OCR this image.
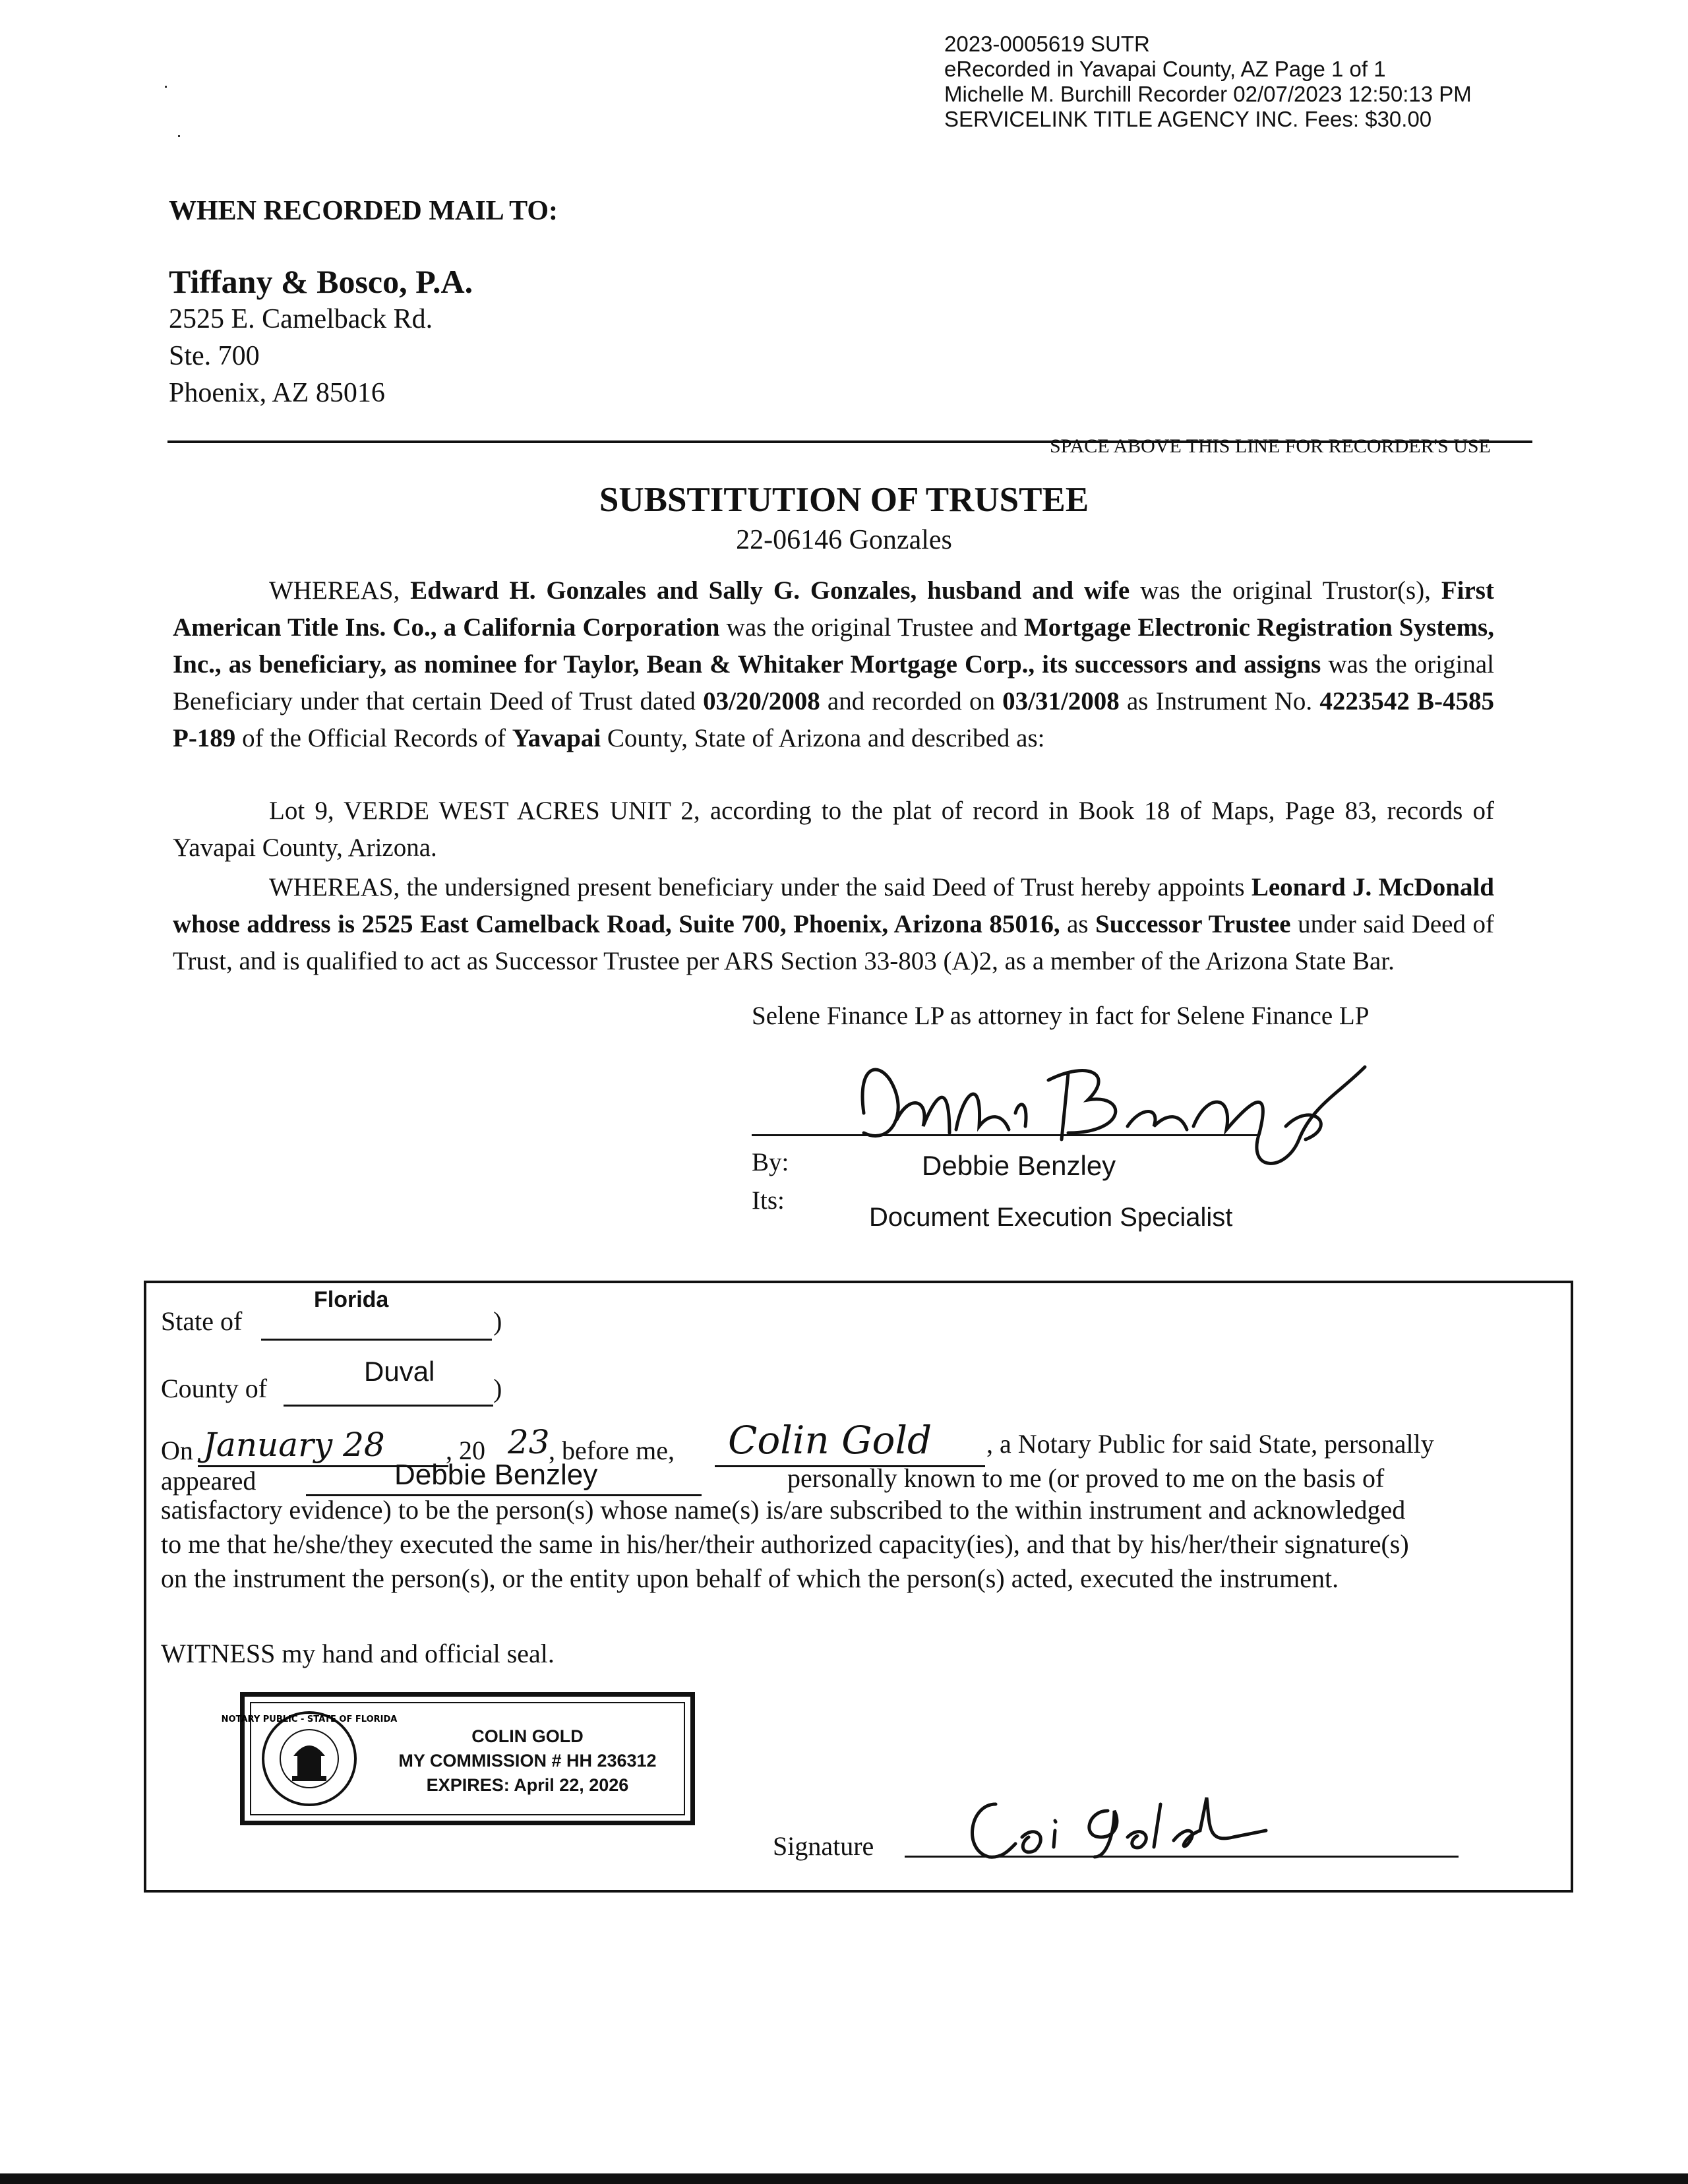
2023-0005619 SUTR
eRecorded in Yavapai County, AZ Page 1 of 1
Michelle M. Burchill Recorder 02/07/2023 12:50:13 PM
SERVICELINK TITLE AGENCY INC. Fees: $30.00
WHEN RECORDED MAIL TO:
Tiffany & Bosco, P.A.
2525 E. Camelback Rd.
Ste. 700
Phoenix, AZ 85016
SPACE ABOVE THIS LINE FOR RECORDER'S USE
SUBSTITUTION OF TRUSTEE
22-06146 Gonzales

WHEREAS, Edward H. Gonzales and Sally G. Gonzales, husband and wife was the original Trustor(s), First American Title Ins. Co., a California Corporation was the original Trustee and Mortgage Electronic Registration Systems, Inc., as beneficiary, as nominee for Taylor, Bean & Whitaker Mortgage Corp., its successors and assigns was the original Beneficiary under that certain Deed of Trust dated 03/20/2008 and recorded on 03/31/2008 as Instrument No. 4223542 B-4585 P-189 of the Official Records of Yavapai County, State of Arizona and described as:

Lot 9, VERDE WEST ACRES UNIT 2, according to the plat of record in Book 18 of Maps, Page 83, records of Yavapai County, Arizona.

WHEREAS, the undersigned present beneficiary under the said Deed of Trust hereby appoints Leonard J. McDonald whose address is 2525 East Camelback Road, Suite 700, Phoenix, Arizona 85016, as Successor Trustee under said Deed of Trust, and is qualified to act as Successor Trustee per ARS Section 33-803 (A)2, as a member of the Arizona State Bar.

Selene Finance LP as attorney in fact for Selene Finance LP
By:
Its:
Debbie Benzley
Document Execution Specialist
State of
Florida
)
County of
Duval
)
On January 28 , 20 23
, before me, Colin Gold , a Notary Public for said State, personally
appeared	Debbie Benzley	personally known to me (or proved to me on the basis of
satisfactory evidence) to be the person(s) whose name(s) is/are subscribed to the within instrument and acknowledged
to me that he/she/they executed the same in his/her/their authorized capacity(ies), and that by his/her/their signature(s)
on the instrument the person(s), or the entity upon behalf of which the person(s) acted, executed the instrument.
WITNESS my hand and official seal.
NOTARY PUBLIC - STATE OF FLORIDA
COLIN GOLD
MY COMMISSION # HH 236312
EXPIRES: April 22, 2026
Signature
